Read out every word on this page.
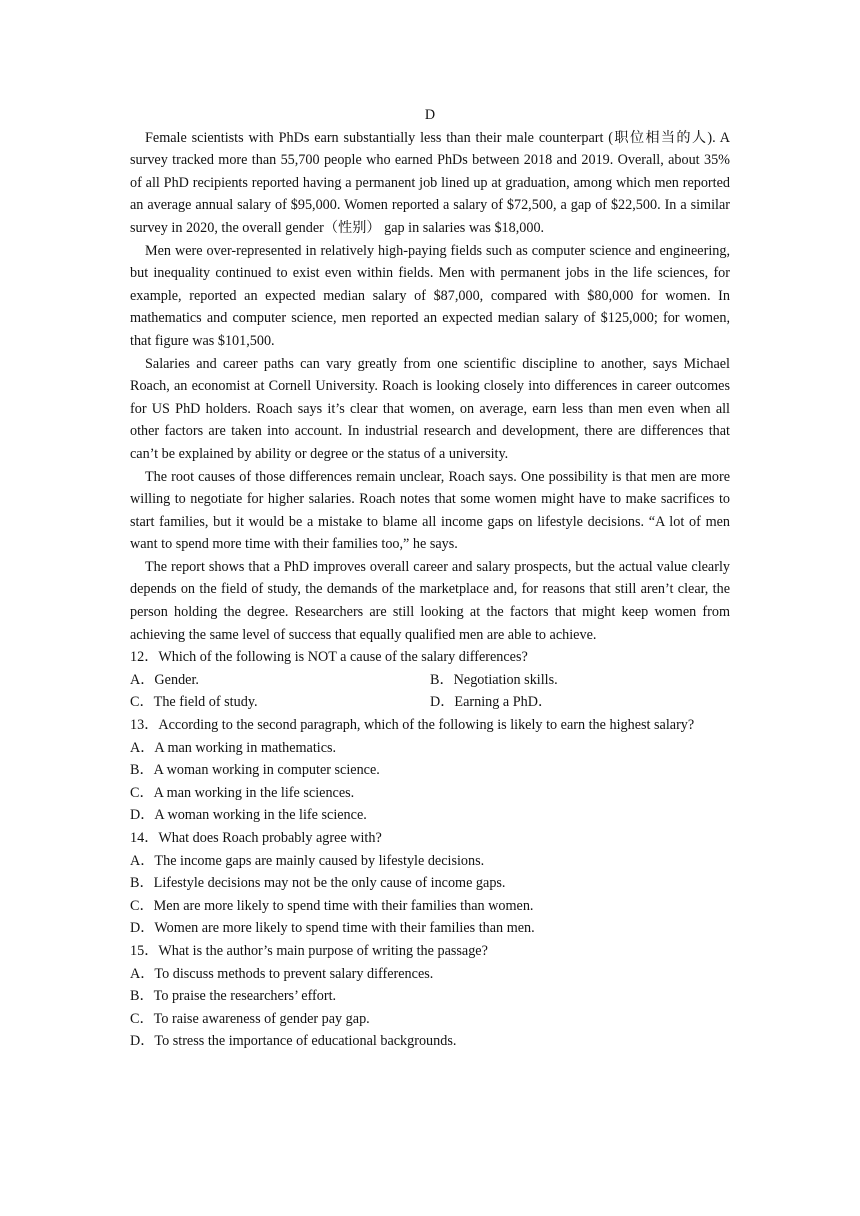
D

Female scientists with PhDs earn substantially less than their male counterpart (职位相当的人). A survey tracked more than 55,700 people who earned PhDs between 2018 and 2019. Overall, about 35% of all PhD recipients reported having a permanent job lined up at graduation, among which men reported an average annual salary of $95,000. Women reported a salary of $72,500, a gap of $22,500. In a similar survey in 2020, the overall gender（性别） gap in salaries was $18,000.

Men were over-represented in relatively high-paying fields such as computer science and engineering, but inequality continued to exist even within fields. Men with permanent jobs in the life sciences, for example, reported an expected median salary of $87,000, compared with $80,000 for women. In mathematics and computer science, men reported an expected median salary of $125,000; for women, that figure was $101,500.

Salaries and career paths can vary greatly from one scientific discipline to another, says Michael Roach, an economist at Cornell University. Roach is looking closely into differences in career outcomes for US PhD holders. Roach says it’s clear that women, on average, earn less than men even when all other factors are taken into account. In industrial research and development, there are differences that can’t be explained by ability or degree or the status of a university.

The root causes of those differences remain unclear, Roach says. One possibility is that men are more willing to negotiate for higher salaries. Roach notes that some women might have to make sacrifices to start families, but it would be a mistake to blame all income gaps on lifestyle decisions. “A lot of men want to spend more time with their families too,” he says.

The report shows that a PhD improves overall career and salary prospects, but the actual value clearly depends on the field of study, the demands of the marketplace and, for reasons that still aren’t clear, the person holding the degree. Researchers are still looking at the factors that might keep women from achieving the same level of success that equally qualified men are able to achieve.

12．Which of the following is NOT a cause of the salary differences?

A．Gender.	B．Negotiation skills.

C．The field of study.	D．Earning a PhD．

13．According to the second paragraph, which of the following is likely to earn the highest salary?

A．A man working in mathematics.

B．A woman working in computer science.

C．A man working in the life sciences.

D．A woman working in the life science.

14．What does Roach probably agree with?

A．The income gaps are mainly caused by lifestyle decisions.

B．Lifestyle decisions may not be the only cause of income gaps.

C．Men are more likely to spend time with their families than women.

D．Women are more likely to spend time with their families than men.

15．What is the author’s main purpose of writing the passage?

A．To discuss methods to prevent salary differences.

B．To praise the researchers’ effort.

C．To raise awareness of gender pay gap.

D．To stress the importance of educational backgrounds.
